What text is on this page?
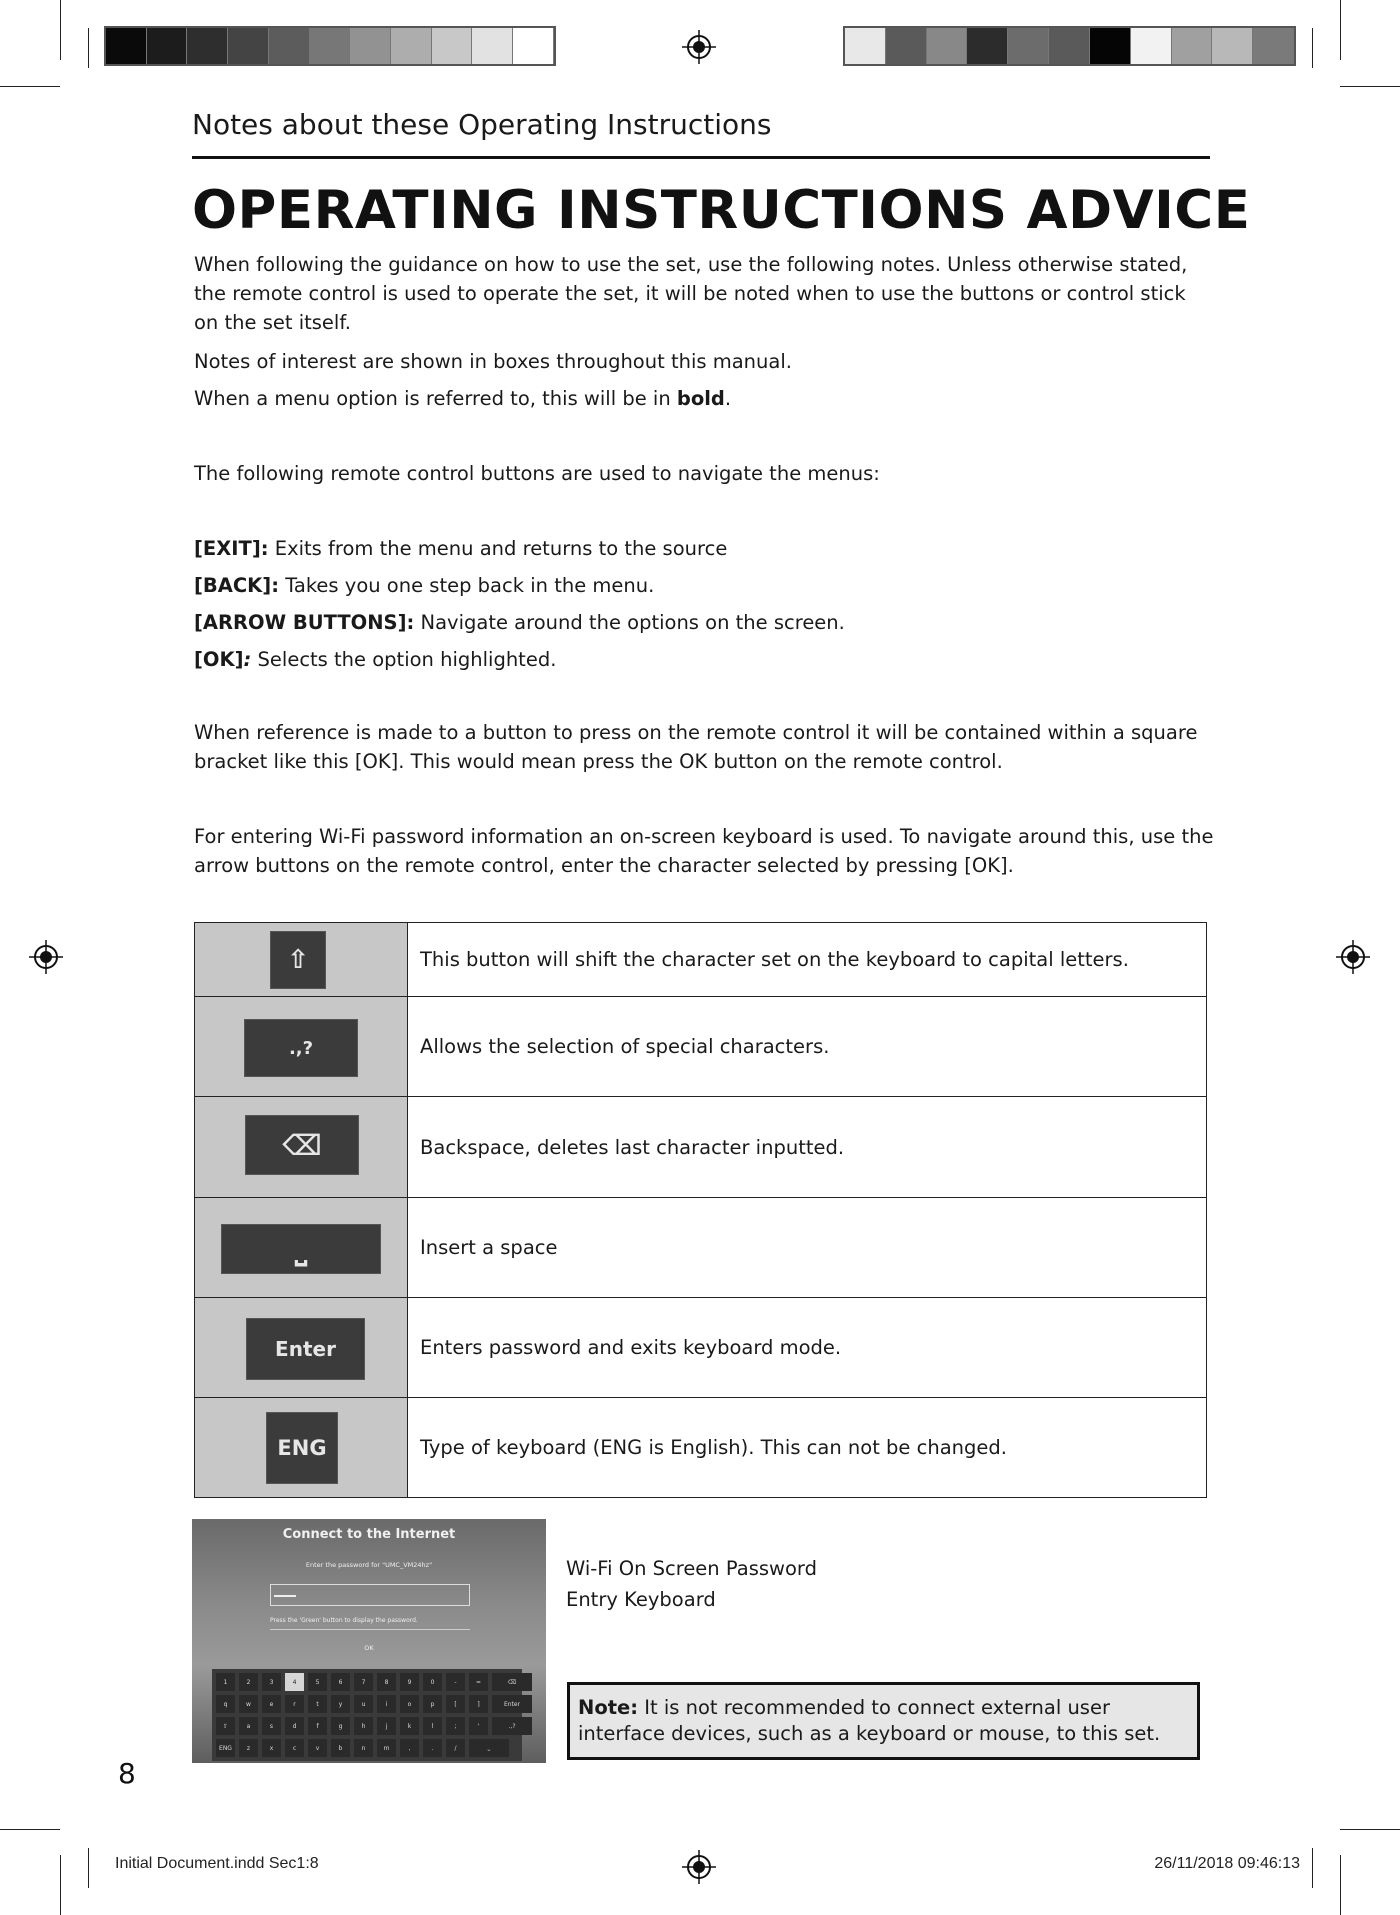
Notes about these Operating Instructions
OPERATING INSTRUCTIONS ADVICE
When following the guidance on how to use the set, use the following notes. Unless otherwise stated, the remote control is used to operate the set, it will be noted when to use the buttons or control stick on the set itself.
Notes of interest are shown in boxes throughout this manual.
When a menu option is referred to, this will be in bold.
The following remote control buttons are used to navigate the menus:
[EXIT]: Exits from the menu and returns to the source
[BACK]: Takes you one step back in the menu.
[ARROW BUTTONS]: Navigate around the options on the screen.
[OK]: Selects the option highlighted.
When reference is made to a button to press on the remote control it will be contained within a square bracket like this [OK]. This would mean press the OK button on the remote control.
For entering Wi-Fi password information an on-screen keyboard is used. To navigate around this, use the arrow buttons on the remote control, enter the character selected by pressing [OK].
⇧	This button will shift the character set on the keyboard to capital letters.

.,?	Allows the selection of special characters.

⌫	Backspace, deletes last character inputted.

⎵	Insert a space

Enter	Enters password and exits keyboard mode.

ENG	Type of keyboard (ENG is English). This can not be changed.
Connect to the Internet
Enter the password for "UMC_VM24hz"
Press the 'Green' button to display the password.
OK
1	2	3	4	5	6	7	8	9	0	-	=	⌫
q	w	e	r	t	y	u	i	o	p	[	]	Enter
⇧	a	s	d	f	g	h	j	k	l	;	'	.,?
ENG	z	x	c	v	b	n	m	,	.	/	⎵
Wi-Fi On Screen Password
Entry Keyboard
Note: It is not recommended to connect external user interface devices, such as a keyboard or mouse, to this set.
8
Initial Document.indd Sec1:8	26/11/2018 09:46:13
